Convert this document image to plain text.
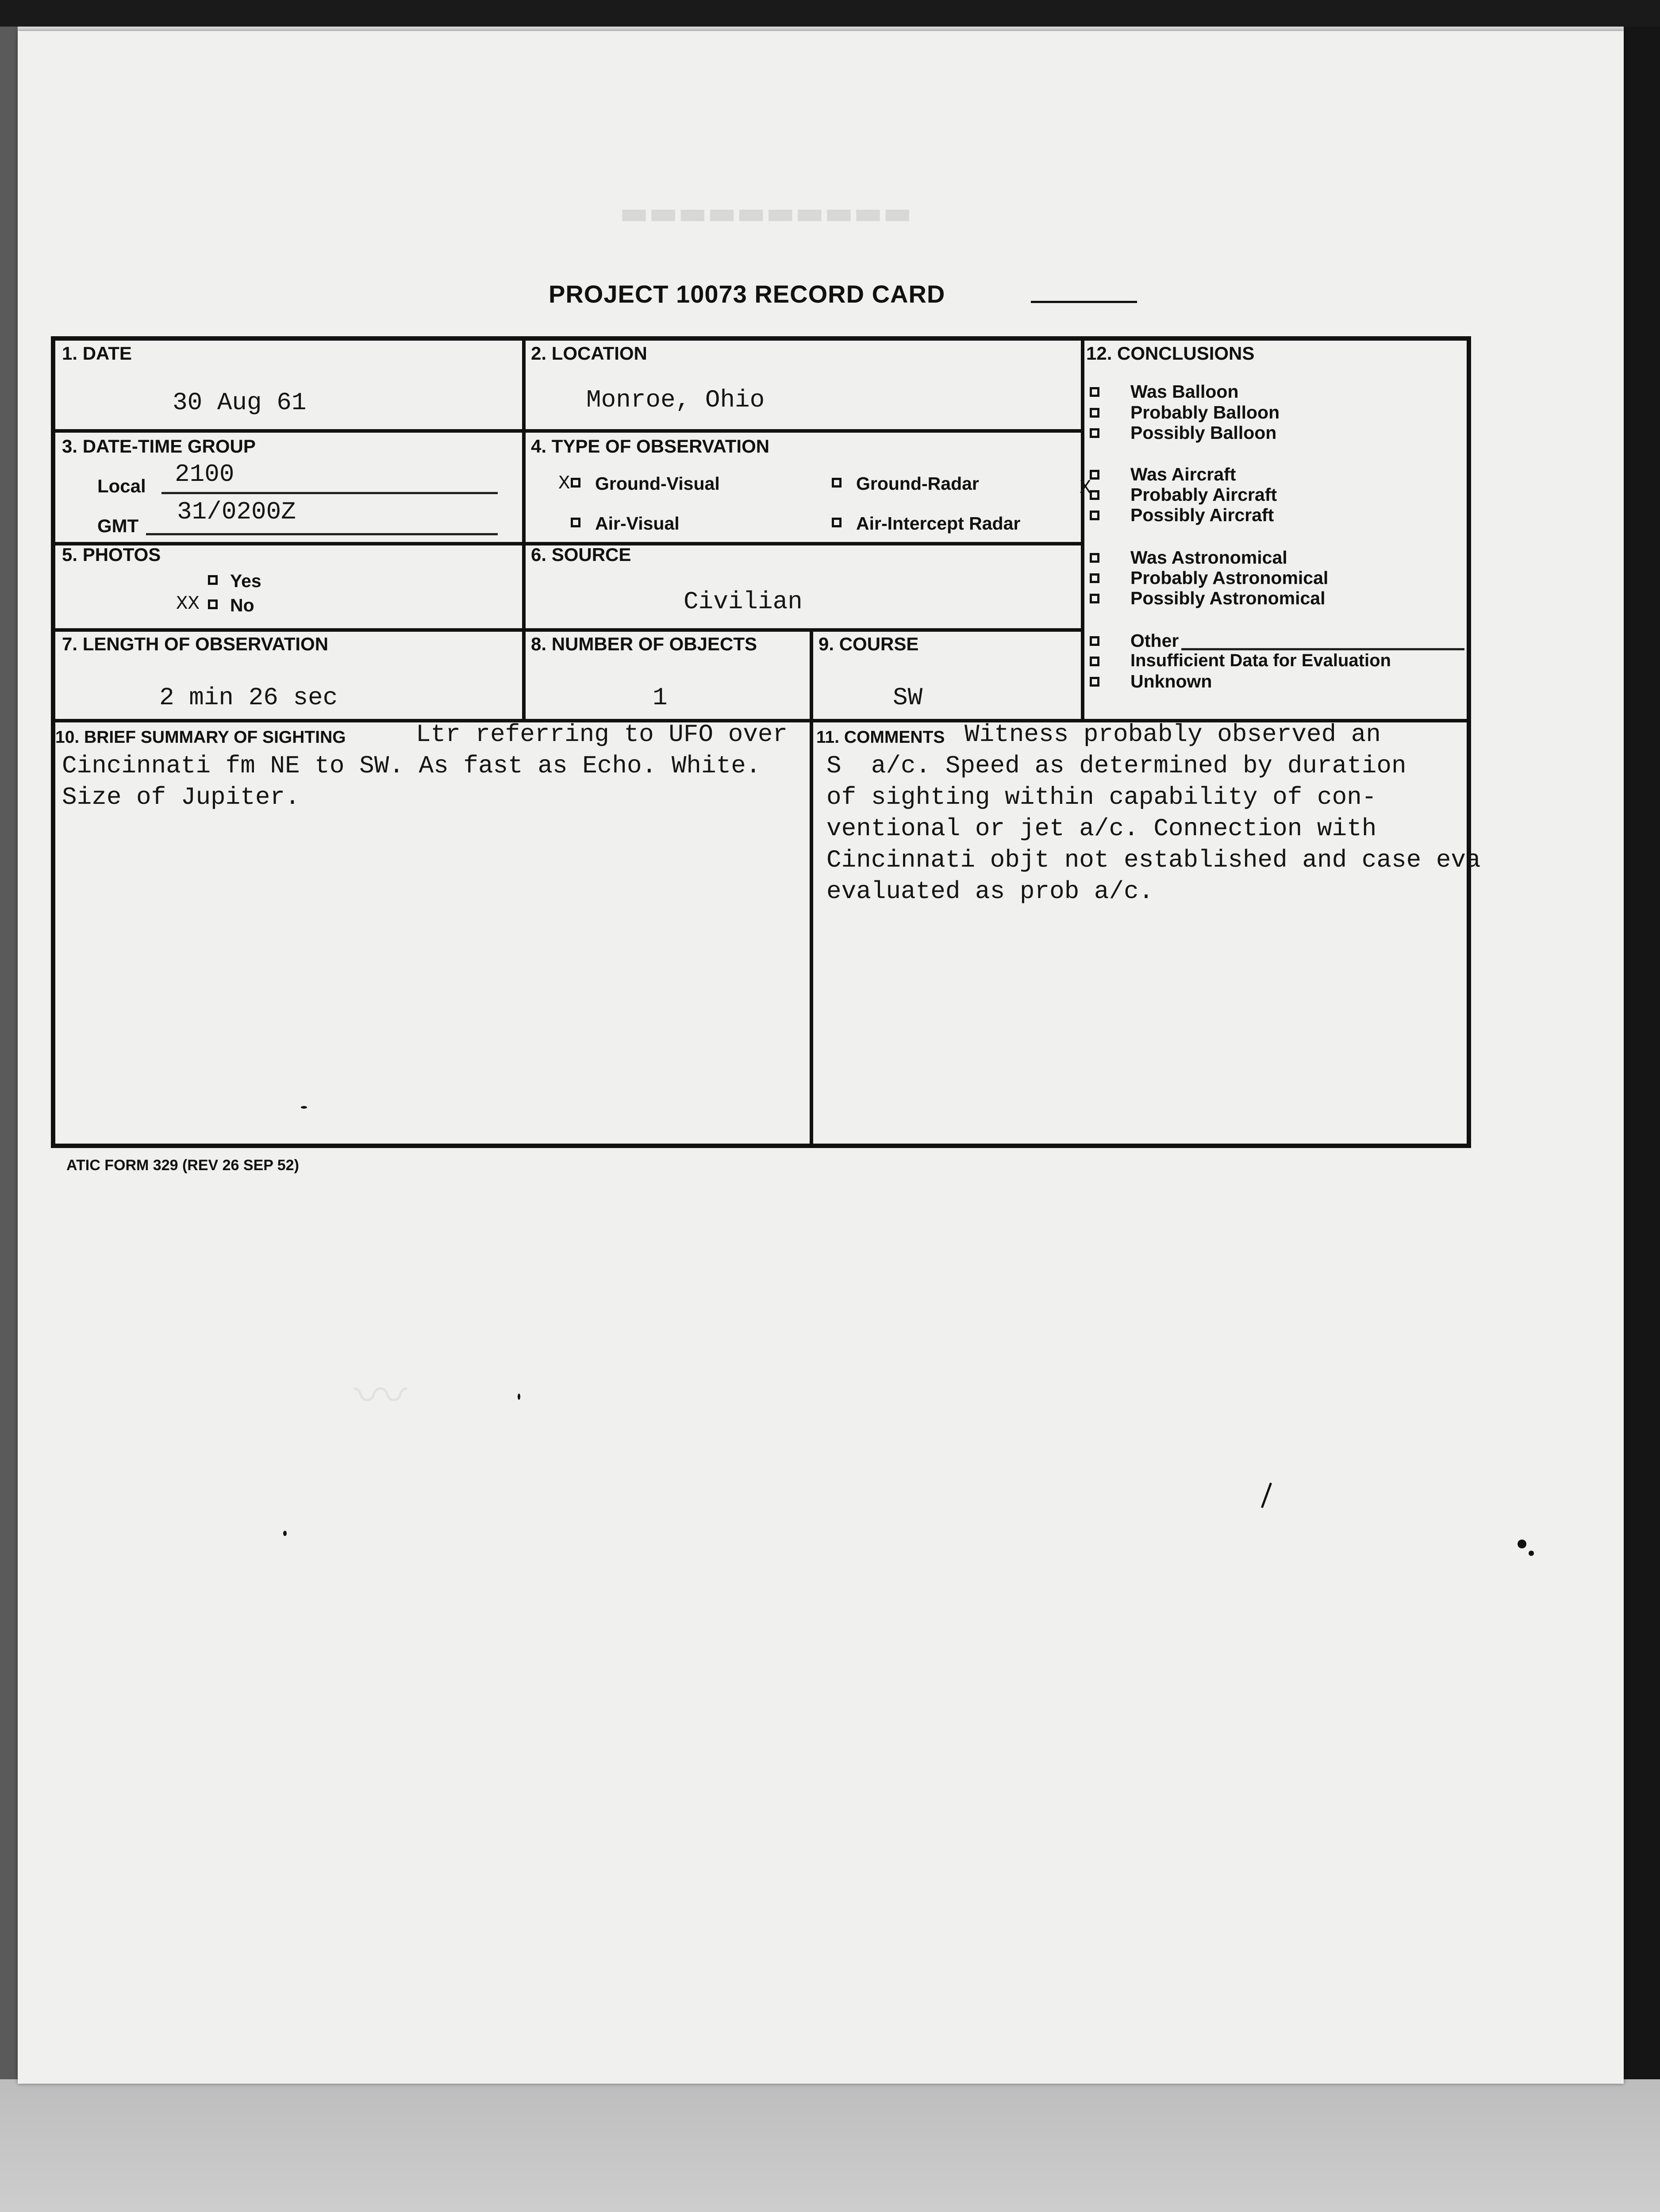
▬▬▬▬▬▬▬▬▬▬
〰
PROJECT 10073 RECORD CARD
1. DATE
30 Aug 61
2. LOCATION
Monroe, Ohio
3. DATE-TIME GROUP
Local 2100
GMT 31/0200Z
4. TYPE OF OBSERVATION
X Ground-Visual	Ground-Radar
Air-Visual	Air-Intercept Radar
5. PHOTOS
Yes
XX No
6. SOURCE
Civilian
7. LENGTH OF OBSERVATION
2 min 26 sec
8. NUMBER OF OBJECTS
1
9. COURSE
SW
12. CONCLUSIONS
Was Balloon
Probably Balloon
Possibly Balloon
Was Aircraft
X Probably Aircraft
Possibly Aircraft
Was Astronomical
Probably Astronomical
Possibly Astronomical
Other
Insufficient Data for Evaluation
Unknown
10. BRIEF SUMMARY OF SIGHTING	Ltr referring to UFO over
Cincinnati fm NE to SW. As fast as Echo. White.
Size of Jupiter.
11. COMMENTS Witness probably observed an
S  a/c. Speed as determined by duration
of sighting within capability of con-
ventional or jet a/c. Connection with
Cincinnati objt not established and case eva
evaluated as prob a/c.
ATIC FORM 329 (REV 26 SEP 52)
